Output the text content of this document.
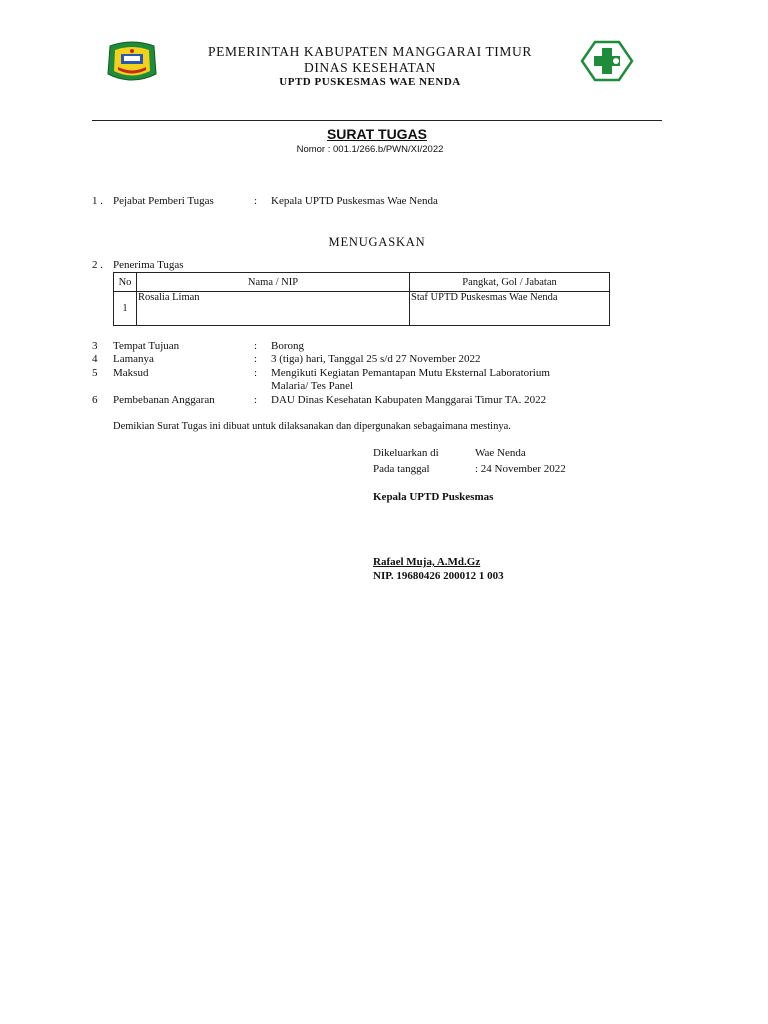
PEMERINTAH KABUPATEN MANGGARAI TIMUR
DINAS KESEHATAN
UPTD PUSKESMAS WAE NENDA
SURAT TUGAS
Nomor : 001.1/266.b/PWN/XI/2022
1 . Pejabat Pemberi Tugas	: Kepala UPTD Puskesmas Wae Nenda
MENUGASKAN
2 . Penerima Tugas
No	Nama / NIP	Pangkat, Gol / Jabatan
1	Rosalia Liman	Staf UPTD Puskesmas Wae Nenda
3 Tempat Tujuan	: Borong
4 Lamanya	: 3 (tiga) hari, Tanggal 25 s/d 27 November 2022
5 Maksud	: Mengikuti Kegiatan Pemantapan Mutu Eksternal Laboratorium
Malaria/ Tes Panel
6 Pembebanan Anggaran	: DAU Dinas Kesehatan Kabupaten Manggarai Timur TA. 2022
Demikian Surat Tugas ini dibuat untuk dilaksanakan dan dipergunakan sebagaimana mestinya.
Dikeluarkan di	Wae Nenda
Pada tanggal	: 24 November 2022
Kepala UPTD Puskesmas
Rafael Muja, A.Md.Gz
NIP. 19680426 200012 1 003
